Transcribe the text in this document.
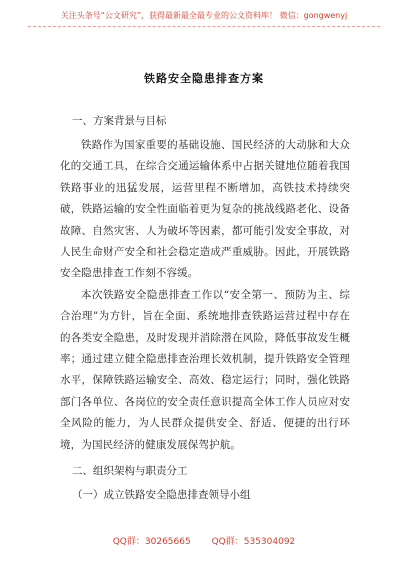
关注头条号“公文研究”，获得最新最全最专业的公文资料库！ 微信：gongwenyj
铁路安全隐患排查方案

一、方案背景与目标

铁路作为国家重要的基础设施、国民经济的大动脉和大众化的交通工具，在综合交通运输体系中占据关键地位随着我国铁路事业的迅猛发展，运营里程不断增加，高铁技术持续突破，铁路运输的安全性面临着更为复杂的挑战线路老化、设备故障、自然灾害、人为破坏等因素，都可能引发安全事故，对人民生命财产安全和社会稳定造成严重威胁。因此，开展铁路安全隐患排查工作刻不容缓。

本次铁路安全隐患排查工作以“安全第一、预防为主、综合治理”为方针，旨在全面、系统地排查铁路运营过程中存在的各类安全隐患，及时发现并消除潜在风险，降低事故发生概率；通过建立健全隐患排查治理长效机制，提升铁路安全管理水平，保障铁路运输安全、高效、稳定运行；同时，强化铁路部门各单位、各岗位的安全责任意识提高全体工作人员应对安全风险的能力，为人民群众提供安全、舒适、便捷的出行环境，为国民经济的健康发展保驾护航。

二、组织架构与职责分工

（一）成立铁路安全隐患排查领导小组

QQ群：30265665 QQ群：535304092
